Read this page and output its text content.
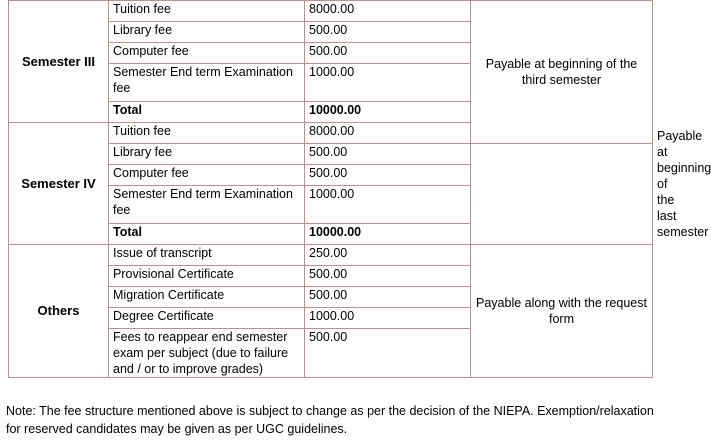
Semester III	Tuition fee	8000.00	Payable at beginning of the third semester	
	Library fee	500.00		
	Computer fee	500.00		
	Semester End term Examination fee	1000.00		
	Total	10000.00		
Semester IV	Tuition fee	8000.00		Payable at beginning of the last semester
	Library fee	500.00		
	Computer fee	500.00		
	Semester End term Examination fee	1000.00		
	Total	10000.00		
Others	Issue of transcript	250.00	Payable along with the request form	
	Provisional Certificate	500.00		
	Migration Certificate	500.00		
	Degree Certificate	1000.00		
	Fees to reappear end semester exam per subject (due to failure and / or to improve grades)	500.00		
Note: The fee structure mentioned above is subject to change as per the decision of the NIEPA. Exemption/relaxation for reserved candidates may be given as per UGC guidelines.
